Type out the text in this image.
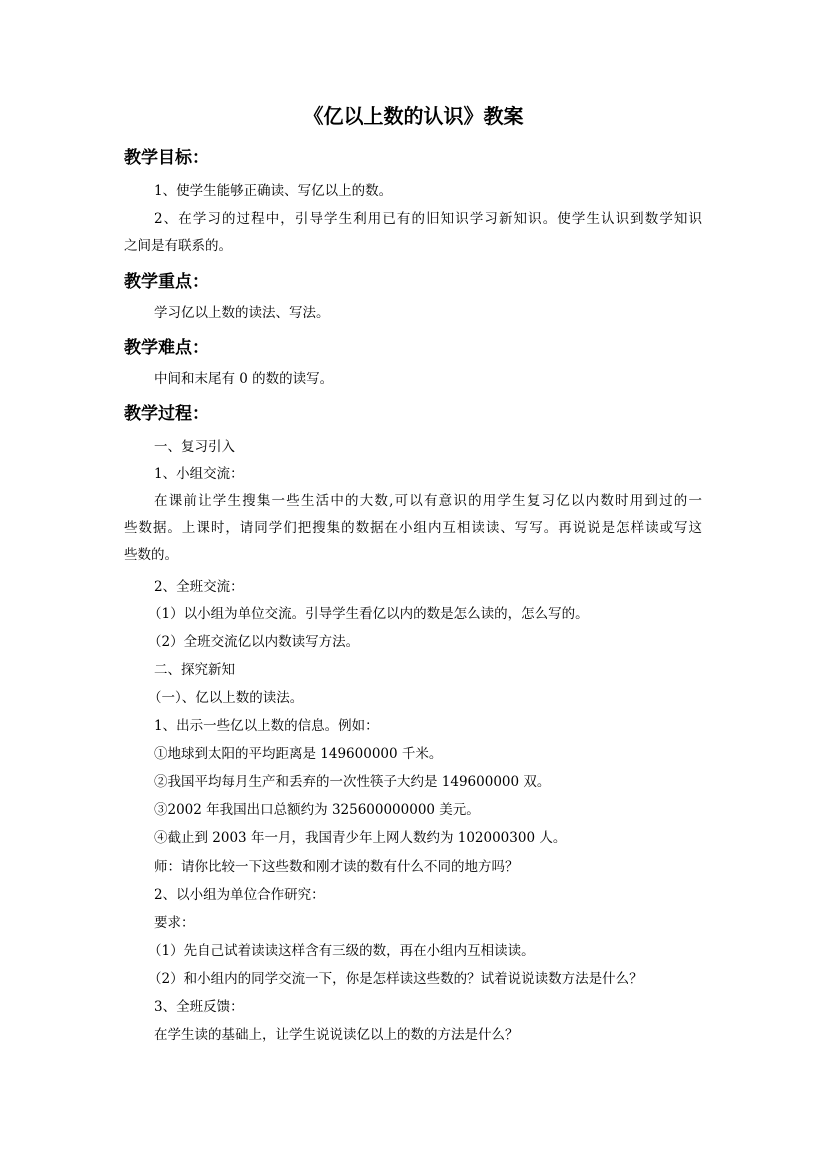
《亿以上数的认识》教案
教学目标：
1、使学生能够正确读、写亿以上的数。
2、在学习的过程中，引导学生利用已有的旧知识学习新知识。使学生认识到数学知识
之间是有联系的。
教学重点：
学习亿以上数的读法、写法。
教学难点：
中间和末尾有 0 的数的读写。
教学过程：
一、复习引入
1、小组交流：
在课前让学生搜集一些生活中的大数,可以有意识的用学生复习亿以内数时用到过的一
些数据。上课时，请同学们把搜集的数据在小组内互相读读、写写。再说说是怎样读或写这
些数的。
2、全班交流：
（1）以小组为单位交流。引导学生看亿以内的数是怎么读的，怎么写的。
（2）全班交流亿以内数读写方法。
二、探究新知
（一）、亿以上数的读法。
1、出示一些亿以上数的信息。例如：
①地球到太阳的平均距离是 149600000 千米。
②我国平均每月生产和丢弃的一次性筷子大约是 149600000 双。
③2002 年我国出口总额约为 325600000000 美元。
④截止到 2003 年一月，我国青少年上网人数约为 102000300 人。
师：请你比较一下这些数和刚才读的数有什么不同的地方吗？
2、以小组为单位合作研究：
要求：
（1）先自己试着读读这样含有三级的数，再在小组内互相读读。
（2）和小组内的同学交流一下，你是怎样读这些数的？试着说说读数方法是什么？
3、全班反馈：
在学生读的基础上，让学生说说读亿以上的数的方法是什么？
